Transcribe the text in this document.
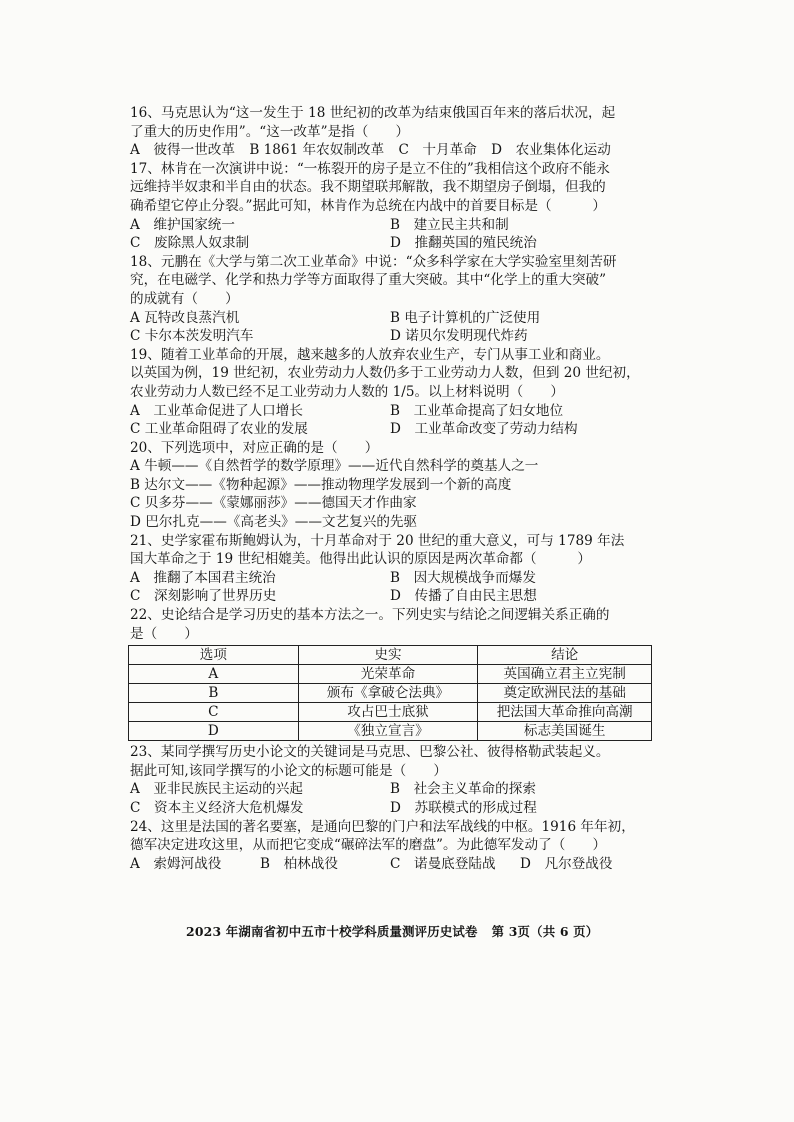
16、马克思认为“这一发生于 18 世纪初的改革为结束俄国百年来的落后状况，起
了重大的历史作用”。“这一改革”是指（　　）
A　彼得一世改革 B 1861 年农奴制改革 C　十月革命 D　农业集体化运动
17、林肯在一次演讲中说：“一栋裂开的房子是立不住的”我相信这个政府不能永
远维持半奴隶和半自由的状态。我不期望联邦解散，我不期望房子倒塌，但我的
确希望它停止分裂。”据此可知，林肯作为总统在内战中的首要目标是（　　　）
A　维护国家统一	B　建立民主共和制
C　废除黑人奴隶制	D　推翻英国的殖民统治
18、元鹏在《大学与第二次工业革命》中说：“众多科学家在大学实验室里刻苦研
究，在电磁学、化学和热力学等方面取得了重大突破。其中“化学上的重大突破”
的成就有（　　）
A 瓦特改良蒸汽机	B 电子计算机的广泛使用
C 卡尔本茨发明汽车	D 诺贝尔发明现代炸药
19、随着工业革命的开展，越来越多的人放弃农业生产，专门从事工业和商业。
以英国为例，19 世纪初，农业劳动力人数仍多于工业劳动力人数，但到 20 世纪初，
农业劳动力人数已经不足工业劳动力人数的 1/5。以上材料说明（　　）
A　工业革命促进了人口增长	B　工业革命提高了妇女地位
C 工业革命阻碍了农业的发展	D　工业革命改变了劳动力结构
20、下列选项中，对应正确的是（　　）
A 牛顿——《自然哲学的数学原理》——近代自然科学的奠基人之一
B 达尔文——《物种起源》——推动物理学发展到一个新的高度
C 贝多芬——《蒙娜丽莎》——德国天才作曲家
D 巴尔扎克——《高老头》——文艺复兴的先驱
21、史学家霍布斯鲍姆认为，十月革命对于 20 世纪的重大意义，可与 1789 年法
国大革命之于 19 世纪相媲美。他得出此认识的原因是两次革命都（　　　）
A　推翻了本国君主统治	B　因大规模战争而爆发
C　深刻影响了世界历史	D　传播了自由民主思想
22、史论结合是学习历史的基本方法之一。下列史实与结论之间逻辑关系正确的
是（　　）
选项	史实	结论
A	光荣革命	英国确立君主立宪制
B	颁布《拿破仑法典》	奠定欧洲民法的基础
C	攻占巴士底狱	把法国大革命推向高潮
D	《独立宣言》	标志美国诞生
23、某同学撰写历史小论文的关键词是马克思、巴黎公社、彼得格勒武装起义。
据此可知,该同学撰写的小论文的标题可能是（　　）
A　亚非民族民主运动的兴起	B　社会主义革命的探索
C　资本主义经济大危机爆发	D　苏联模式的形成过程
24、这里是法国的著名要塞，是通向巴黎的门户和法军战线的中枢。1916 年年初，
德军决定进攻这里，从而把它变成“碾碎法军的磨盘”。为此德军发动了（　　）
A　索姆河战役	B　柏林战役	C　诺曼底登陆战	D　凡尔登战役
2023 年湖南省初中五市十校学科质量测评历史试卷 第 3页（共 6 页）
